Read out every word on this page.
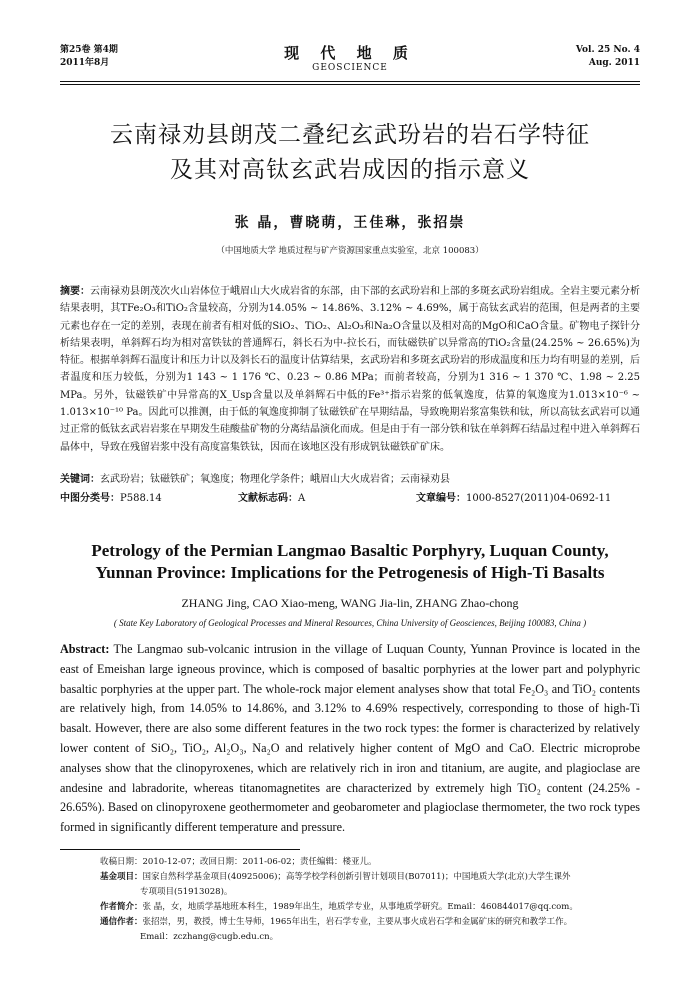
第25卷 第4期
2011年8月
现 代 地 质
GEOSCIENCE
Vol. 25 No. 4
Aug. 2011
云南禄劝县朗茂二叠纪玄武玢岩的岩石学特征
及其对高钛玄武岩成因的指示意义
张 晶，曹晓萌，王佳琳，张招崇
（中国地质大学 地质过程与矿产资源国家重点实验室，北京 100083）
摘要：云南禄劝县朗茂次火山岩体位于峨眉山大火成岩省的东部，由下部的玄武玢岩和上部的多斑玄武玢岩组成。全岩主要元素分析结果表明，其TFe₂O₃和TiO₂含量较高，分别为14.05% ~ 14.86%、3.12% ~ 4.69%，属于高钛玄武岩的范围，但是两者的主要元素也存在一定的差别，表现在前者有相对低的SiO₂、TiO₂、Al₂O₃和Na₂O含量以及相对高的MgO和CaO含量。矿物电子探针分析结果表明，单斜辉石均为相对富铁钛的普通辉石，斜长石为中-拉长石，而钛磁铁矿以异常高的TiO₂含量(24.25% ~ 26.65%)为特征。根据单斜辉石温度计和压力计以及斜长石的温度计估算结果，玄武玢岩和多斑玄武玢岩的形成温度和压力均有明显的差别，后者温度和压力较低，分别为1 143 ~ 1 176 ℃、0.23 ~ 0.86 MPa；而前者较高，分别为1 316 ~ 1 370 ℃、1.98 ~ 2.25 MPa。另外，钛磁铁矿中异常高的X_Usp含量以及单斜辉石中低的Fe³⁺指示岩浆的低氧逸度，估算的氧逸度为1.013×10⁻⁶ ~ 1.013×10⁻¹⁰ Pa。因此可以推测，由于低的氧逸度抑制了钛磁铁矿在早期结晶，导致晚期岩浆富集铁和钛，所以高钛玄武岩可以通过正常的低钛玄武岩岩浆在早期发生硅酸盐矿物的分离结晶演化而成。但是由于有一部分铁和钛在单斜辉石结晶过程中进入单斜辉石晶体中，导致在残留岩浆中没有高度富集铁钛，因而在该地区没有形成钒钛磁铁矿矿床。
关键词：玄武玢岩；钛磁铁矿；氧逸度；物理化学条件；峨眉山大火成岩省；云南禄劝县
中图分类号：P588.14	文献标志码：A	文章编号：1000-8527(2011)04-0692-11
Petrology of the Permian Langmao Basaltic Porphyry, Luquan County,
Yunnan Province: Implications for the Petrogenesis of High-Ti Basalts
ZHANG Jing, CAO Xiao-meng, WANG Jia-lin, ZHANG Zhao-chong
( State Key Laboratory of Geological Processes and Mineral Resources, China University of Geosciences, Beijing 100083, China )
Abstract: The Langmao sub-volcanic intrusion in the village of Luquan County, Yunnan Province is located in the east of Emeishan large igneous province, which is composed of basaltic porphyries at the lower part and polyphyric basaltic porphyries at the upper part. The whole-rock major element analyses show that total Fe₂O₃ and TiO₂ contents are relatively high, from 14.05% to 14.86%, and 3.12% to 4.69% respectively, corresponding to those of high-Ti basalt. However, there are also some different features in the two rock types: the former is characterized by relatively lower content of SiO₂, TiO₂, Al₂O₃, Na₂O and relatively higher content of MgO and CaO. Electric microprobe analyses show that the clinopyroxenes, which are relatively rich in iron and titanium, are augite, and plagioclase are andesine and labradorite, whereas titanomagnetites are characterized by extremely high TiO₂ content (24.25% - 26.65%). Based on clinopyroxene geothermometer and geobarometer and plagioclase thermometer, the two rock types formed in significantly different temperature and pressure.
收稿日期：2010-12-07；改回日期：2011-06-02；责任编辑：楼亚儿。
基金项目：国家自然科学基金项目(40925006)；高等学校学科创新引智计划项目(B07011)；中国地质大学(北京)大学生课外
专项项目(51913028)。
作者简介：张 晶，女，地质学基地班本科生，1989年出生，地质学专业，从事地质学研究。Email：460844017@qq.com。
通信作者：张招崇，男，教授，博士生导师，1965年出生，岩石学专业，主要从事火成岩石学和金属矿床的研究和教学工作。
Email：zczhang@cugb.edu.cn。
